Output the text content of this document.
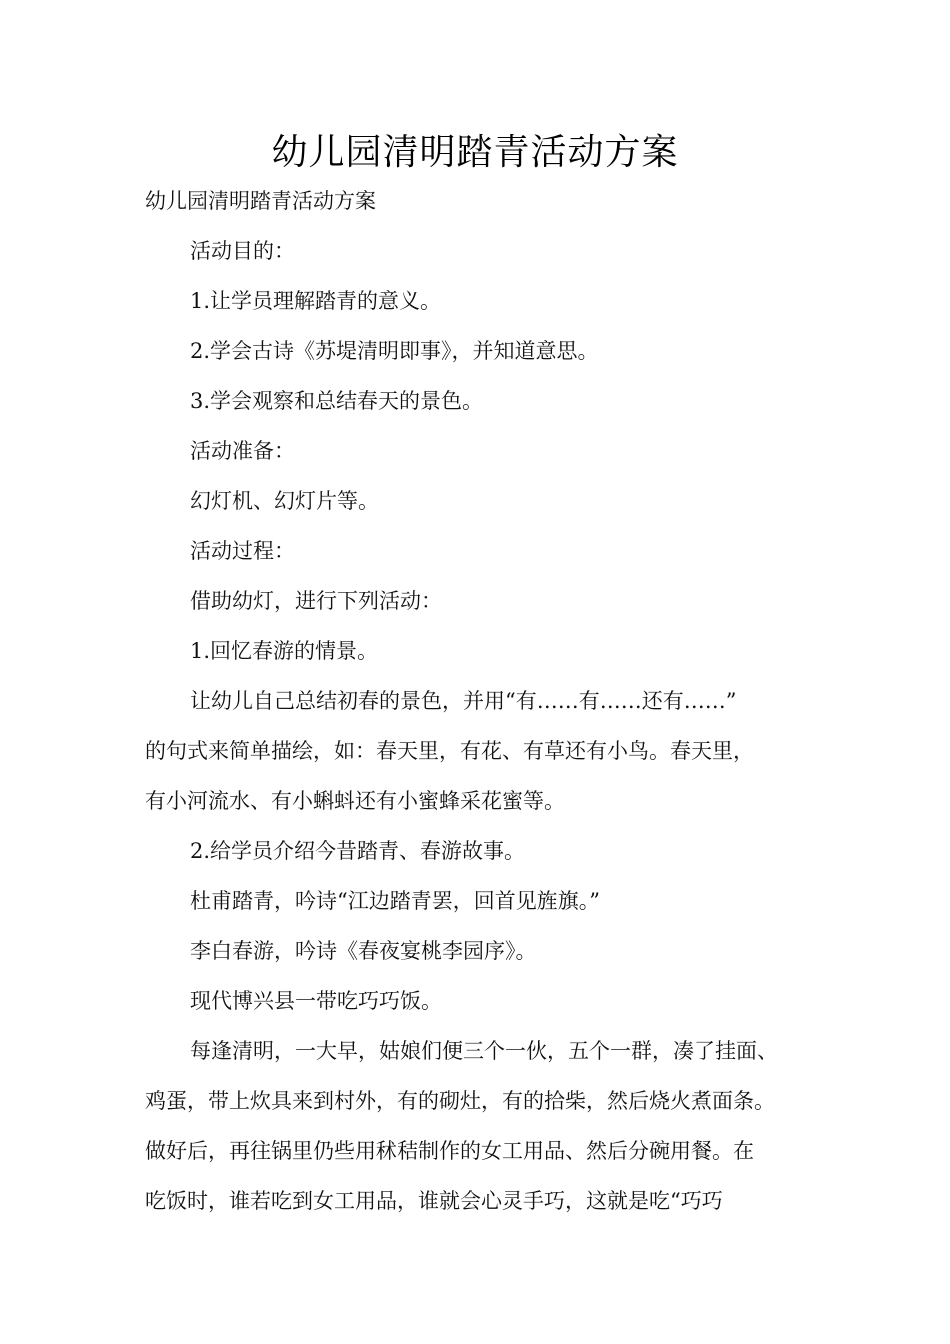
幼儿园清明踏青活动方案
幼儿园清明踏青活动方案
活动目的：
1.让学员理解踏青的意义。
2.学会古诗《苏堤清明即事》，并知道意思。
3.学会观察和总结春天的景色。
活动准备：
幻灯机、幻灯片等。
活动过程：
借助幼灯，进行下列活动：
1.回忆春游的情景。
让幼儿自己总结初春的景色，并用“有……有……还有……”
的句式来简单描绘，如：春天里，有花、有草还有小鸟。春天里，
有小河流水、有小蝌蚪还有小蜜蜂采花蜜等。
2.给学员介绍今昔踏青、春游故事。
杜甫踏青，吟诗“江边踏青罢，回首见旌旗。”
李白春游，吟诗《春夜宴桃李园序》。
现代博兴县一带吃巧巧饭。
每逢清明，一大早，姑娘们便三个一伙，五个一群，凑了挂面、
鸡蛋，带上炊具来到村外，有的砌灶，有的拾柴，然后烧火煮面条。
做好后，再往锅里仍些用秫秸制作的女工用品、然后分碗用餐。在
吃饭时，谁若吃到女工用品，谁就会心灵手巧，这就是吃“巧巧
